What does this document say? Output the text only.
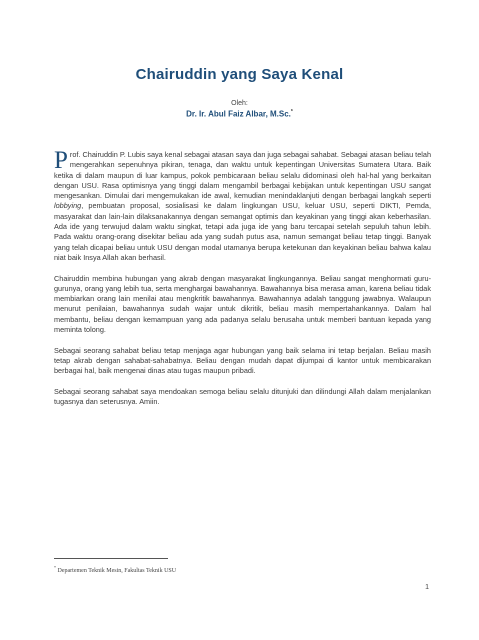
Chairuddin yang Saya Kenal
Oleh:
Dr. Ir. Abul Faiz Albar, M.Sc.*

Prof. Chairuddin P. Lubis saya kenal sebagai atasan saya dan juga sebagai sahabat. Sebagai atasan beliau telah mengerahkan sepenuhnya pikiran, tenaga, dan waktu untuk kepentingan Universitas Sumatera Utara. Baik ketika di dalam maupun di luar kampus, pokok pembicaraan beliau selalu didominasi oleh hal-hal yang berkaitan dengan USU. Rasa optimisnya yang tinggi dalam mengambil berbagai kebijakan untuk kepentingan USU sangat mengesankan. Dimulai dari mengemukakan ide awal, kemudian menindaklanjuti dengan berbagai langkah seperti lobbying, pembuatan proposal, sosialisasi ke dalam lingkungan USU, keluar USU, seperti DIKTI, Pemda, masyarakat dan lain-lain dilaksanakannya dengan semangat optimis dan keyakinan yang tinggi akan keberhasilan. Ada ide yang terwujud dalam waktu singkat, tetapi ada juga ide yang baru tercapai setelah sepuluh tahun lebih. Pada waktu orang-orang disekitar beliau ada yang sudah putus asa, namun semangat beliau tetap tinggi. Banyak yang telah dicapai beliau untuk USU dengan modal utamanya berupa ketekunan dan keyakinan beliau bahwa kalau niat baik Insya Allah akan berhasil.

Chairuddin membina hubungan yang akrab dengan masyarakat lingkungannya. Beliau sangat menghormati guru-gurunya, orang yang lebih tua, serta menghargai bawahannya. Bawahannya bisa merasa aman, karena beliau tidak membiarkan orang lain menilai atau mengkritik bawahannya. Bawahannya adalah tanggung jawabnya. Walaupun menurut penilaian, bawahannya sudah wajar untuk dikritik, beliau masih mempertahankannya. Dalam hal membantu, beliau dengan kemampuan yang ada padanya selalu berusaha untuk memberi bantuan kepada yang meminta tolong.

Sebagai seorang sahabat beliau tetap menjaga agar hubungan yang baik selama ini tetap berjalan. Beliau masih tetap akrab dengan sahabat-sahabatnya. Beliau dengan mudah dapat dijumpai di kantor untuk membicarakan berbagai hal, baik mengenai dinas atau tugas maupun pribadi.

Sebagai seorang sahabat saya mendoakan semoga beliau selalu ditunjuki dan dilindungi Allah dalam menjalankan tugasnya dan seterusnya. Amiin.

* Departemen Teknik Mesin, Fakultas Teknik USU
1
